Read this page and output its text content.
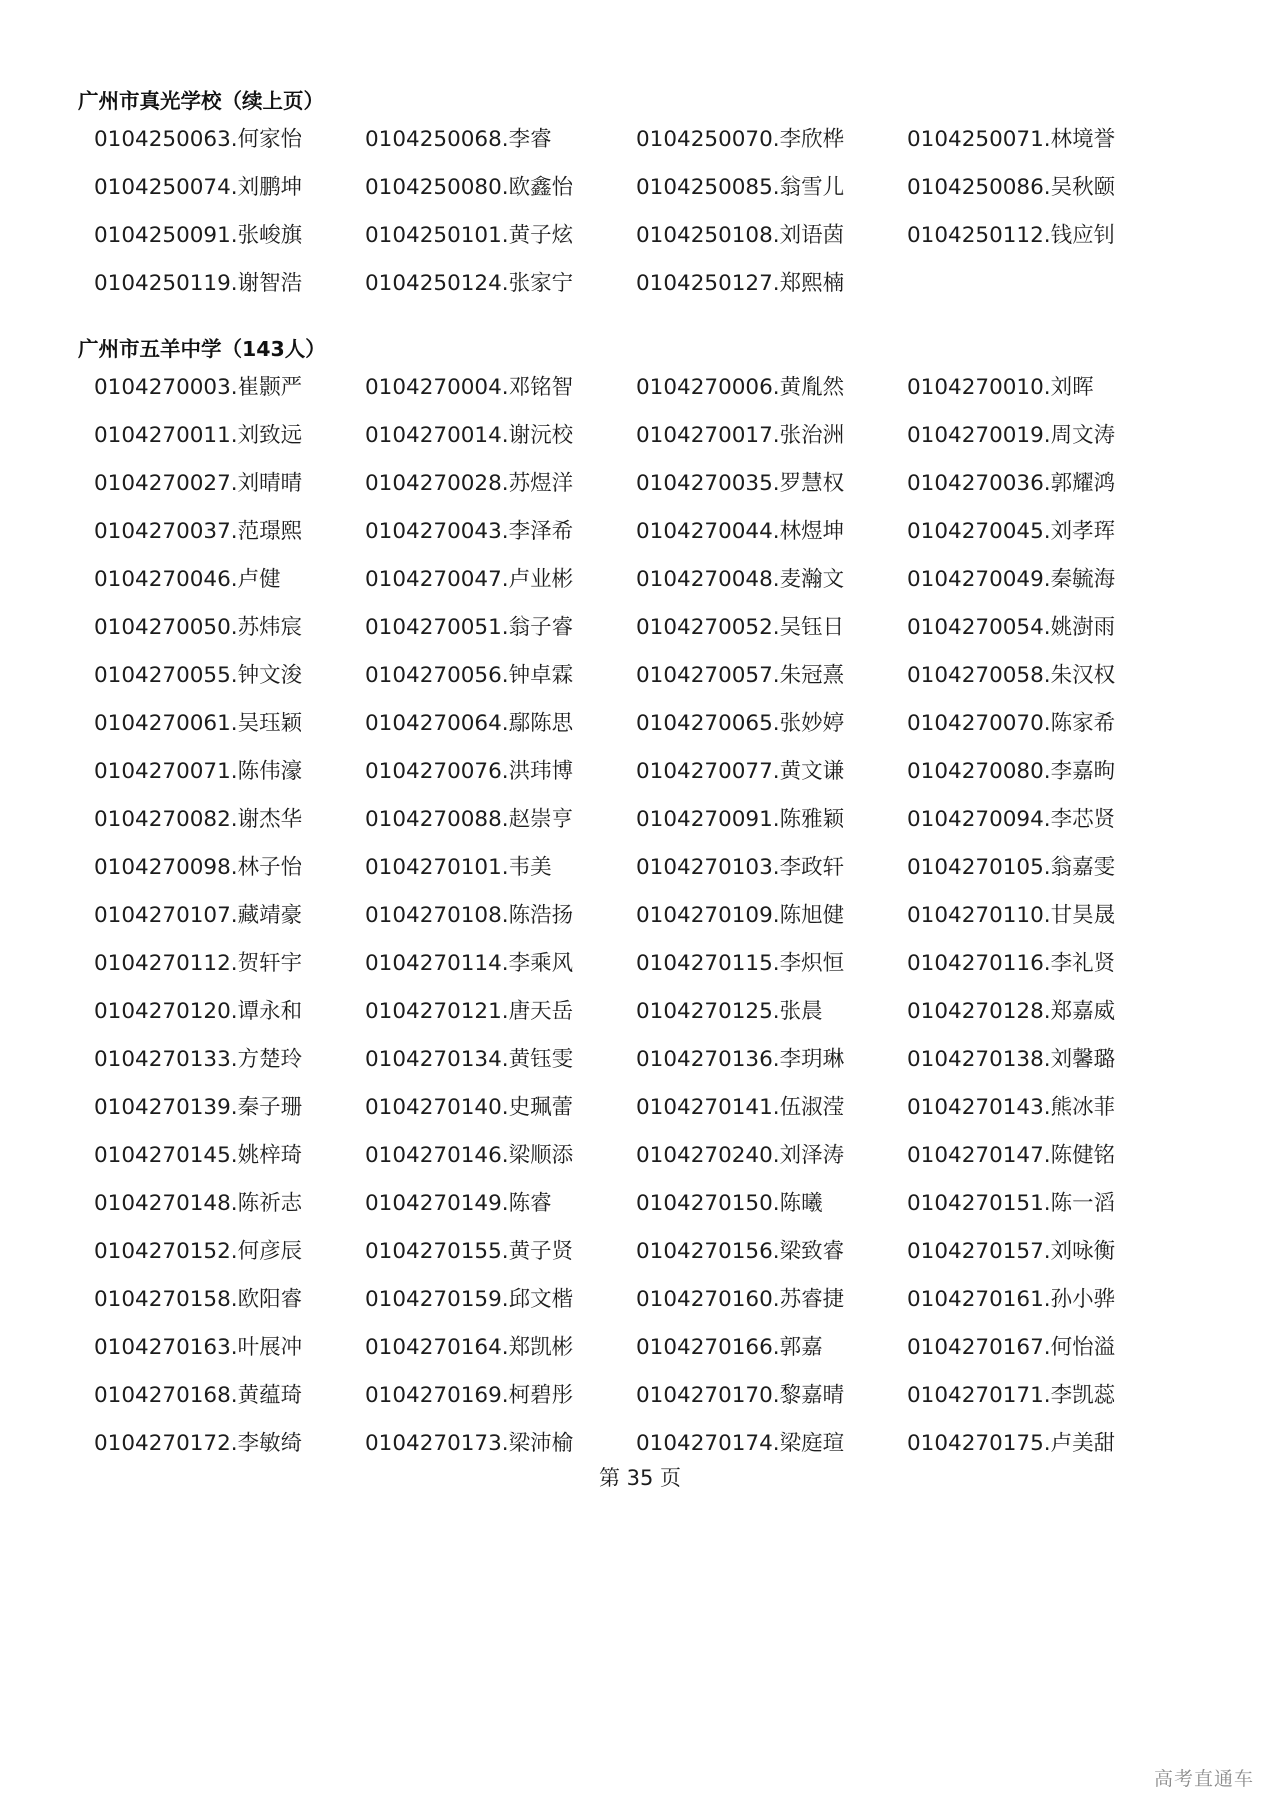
广州市真光学校（续上页）
0104250063.何家怡	0104250068.李睿	0104250070.李欣桦	0104250071.林境誉
0104250074.刘鹏坤	0104250080.欧鑫怡	0104250085.翁雪儿	0104250086.吴秋颐
0104250091.张峻旗	0104250101.黄子炫	0104250108.刘语茵	0104250112.钱应钊
0104250119.谢智浩	0104250124.张家宁	0104250127.郑熙楠
广州市五羊中学（143人）
0104270003.崔颢严	0104270004.邓铭智	0104270006.黄胤然	0104270010.刘晖
0104270011.刘致远	0104270014.谢沅校	0104270017.张治洲	0104270019.周文涛
0104270027.刘晴晴	0104270028.苏煜洋	0104270035.罗慧权	0104270036.郭耀鸿
0104270037.范璟熙	0104270043.李泽希	0104270044.林煜坤	0104270045.刘孝珲
0104270046.卢健	0104270047.卢业彬	0104270048.麦瀚文	0104270049.秦毓海
0104270050.苏炜宸	0104270051.翁子睿	0104270052.吴钰日	0104270054.姚澍雨
0104270055.钟文浚	0104270056.钟卓霖	0104270057.朱冠熹	0104270058.朱汉权
0104270061.吴珏颖	0104270064.鄢陈思	0104270065.张妙婷	0104270070.陈家希
0104270071.陈伟濠	0104270076.洪玮博	0104270077.黄文谦	0104270080.李嘉昫
0104270082.谢杰华	0104270088.赵崇亨	0104270091.陈雅颖	0104270094.李芯贤
0104270098.林子怡	0104270101.韦美	0104270103.李政轩	0104270105.翁嘉雯
0104270107.藏靖豪	0104270108.陈浩扬	0104270109.陈旭健	0104270110.甘昊晟
0104270112.贺轩宇	0104270114.李乘风	0104270115.李炽恒	0104270116.李礼贤
0104270120.谭永和	0104270121.唐天岳	0104270125.张晨	0104270128.郑嘉威
0104270133.方楚玲	0104270134.黄钰雯	0104270136.李玥琳	0104270138.刘馨璐
0104270139.秦子珊	0104270140.史珮蕾	0104270141.伍淑滢	0104270143.熊冰菲
0104270145.姚梓琦	0104270146.梁顺添	0104270240.刘泽涛	0104270147.陈健铭
0104270148.陈祈志	0104270149.陈睿	0104270150.陈曦	0104270151.陈一滔
0104270152.何彦辰	0104270155.黄子贤	0104270156.梁致睿	0104270157.刘咏衡
0104270158.欧阳睿	0104270159.邱文楷	0104270160.苏睿捷	0104270161.孙小骅
0104270163.叶展冲	0104270164.郑凯彬	0104270166.郭嘉	0104270167.何怡溢
0104270168.黄蕴琦	0104270169.柯碧彤	0104270170.黎嘉晴	0104270171.李凯蕊
0104270172.李敏绮	0104270173.梁沛榆	0104270174.梁庭瑄	0104270175.卢美甜
第 35 页
高考直通车
